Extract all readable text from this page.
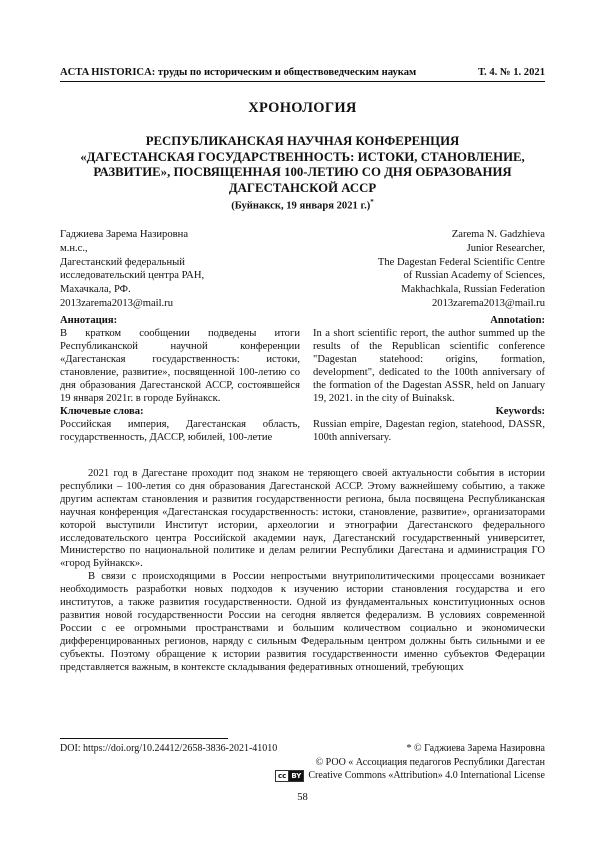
ACTA HISTORICA: труды по историческим и обществоведческим наукам	Т. 4. № 1. 2021
ХРОНОЛОГИЯ
РЕСПУБЛИКАНСКАЯ НАУЧНАЯ КОНФЕРЕНЦИЯ
«ДАГЕСТАНСКАЯ ГОСУДАРСТВЕННОСТЬ: ИСТОКИ, СТАНОВЛЕНИЕ,
РАЗВИТИЕ», ПОСВЯЩЕННАЯ 100-ЛЕТИЮ СО ДНЯ ОБРАЗОВАНИЯ
ДАГЕСТАНСКОЙ АССР
(Буйнакск, 19 января 2021 г.)*
Гаджиева Зарема Назировна
м.н.с.,
Дагестанский федеральный
исследовательский центра РАН,
Махачкала, РФ.
2013zarema2013@mail.ru
Zarema N. Gadzhieva
Junior Researcher,
The Dagestan Federal Scientific Centre
of Russian Academy of Sciences,
Makhachkala, Russian Federation
2013zarema2013@mail.ru
Аннотация:
В кратком сообщении подведены итоги Республиканской научной конференции «Дагестанская государственность: истоки, становление, развитие», посвященной 100-летию со дня образования Дагестанской АССР, состоявшейся 19 января 2021г. в городе Буйнакск.
Ключевые слова:
Российская империя, Дагестанская область, государственность, ДАССР, юбилей, 100-летие
Annotation:
In a short scientific report, the author summed up the results of the Republican scientific conference "Dagestan statehood: origins, formation, development", dedicated to the 100th anniversary of the formation of the Dagestan ASSR, held on January 19, 2021. in the city of Buinaksk.
Keywords:
Russian empire, Dagestan region, statehood, DASSR, 100th anniversary.

2021 год в Дагестане проходит под знаком не теряющего своей актуальности события в истории республики – 100-летия со дня образования Дагестанской АССР. Этому важнейшему событию, а также другим аспектам становления и развития государственности региона, была посвящена Республиканская научная конференция «Дагестанская государственность: истоки, становление, развитие», организаторами которой выступили Институт истории, археологии и этнографии Дагестанского федерального исследовательского центра Российской академии наук, Дагестанский государственный университет, Министерство по национальной политике и делам религии Республики Дагестана и администрация ГО «город Буйнакск».

В связи с происходящими в России непростыми внутриполитическими процессами возникает необходимость разработки новых подходов к изучению истории становления государства и его институтов, а также развития государственности. Одной из фундаментальных конституционных основ развития новой государственности России на сегодня является федерализм. В условиях современной России с ее огромными пространствами и большим количеством социально и экономически дифференцированных регионов, наряду с сильным Федеральным центром должны быть сильными и ее субъекты. Поэтому обращение к истории развития государственности именно субъектов Федерации представляется важным, в контексте складывания федеративных отношений, требующих

DOI: https://doi.org/10.24412/2658-3836-2021-41010	* © Гаджиева Зарема Назировна
© РОО « Ассоциация педагогов Республики Дагестан
cc BY Creative Commons «Attribution» 4.0 International License
58
